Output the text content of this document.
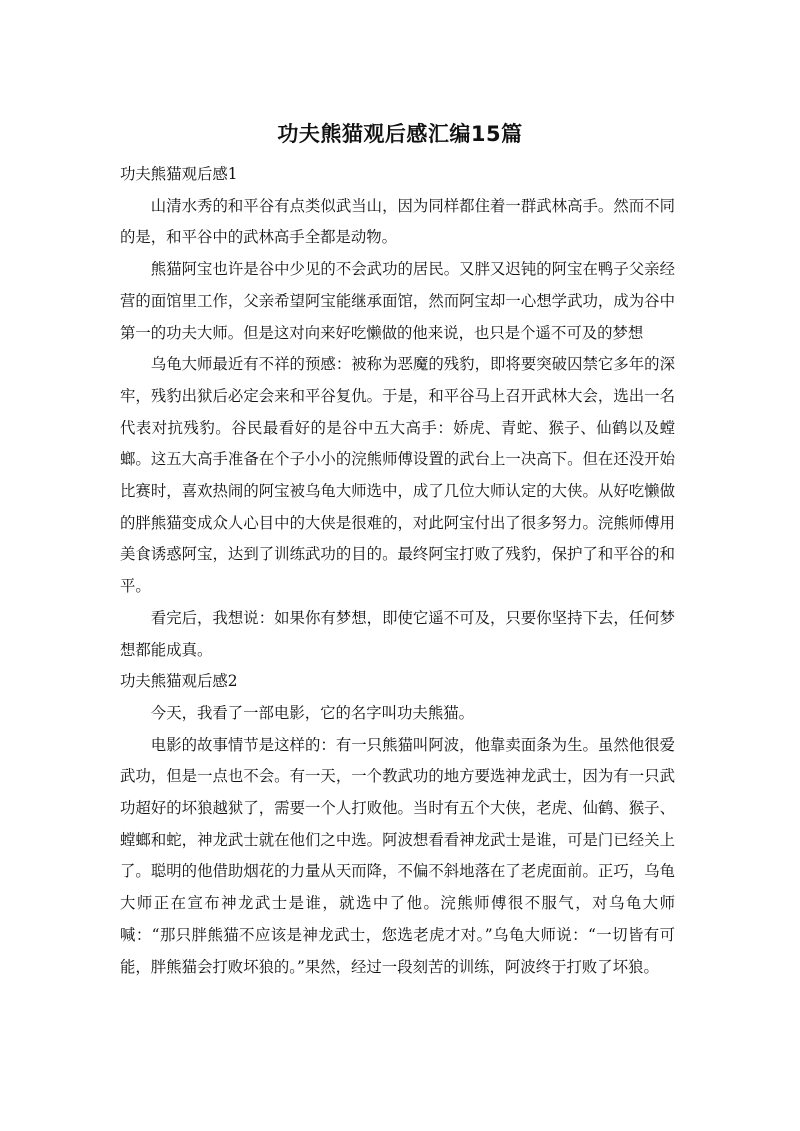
功夫熊猫观后感汇编15篇

功夫熊猫观后感1

山清水秀的和平谷有点类似武当山，因为同样都住着一群武林高手。然而不同的是，和平谷中的武林高手全都是动物。

熊猫阿宝也许是谷中少见的不会武功的居民。又胖又迟钝的阿宝在鸭子父亲经营的面馆里工作，父亲希望阿宝能继承面馆，然而阿宝却一心想学武功，成为谷中第一的功夫大师。但是这对向来好吃懒做的他来说，也只是个遥不可及的梦想

乌龟大师最近有不祥的预感：被称为恶魔的残豹，即将要突破囚禁它多年的深牢，残豹出狱后必定会来和平谷复仇。于是，和平谷马上召开武林大会，选出一名代表对抗残豹。谷民最看好的是谷中五大高手：娇虎、青蛇、猴子、仙鹤以及螳螂。这五大高手准备在个子小小的浣熊师傅设置的武台上一决高下。但在还没开始比赛时，喜欢热闹的阿宝被乌龟大师选中，成了几位大师认定的大侠。从好吃懒做的胖熊猫变成众人心目中的大侠是很难的，对此阿宝付出了很多努力。浣熊师傅用美食诱惑阿宝，达到了训练武功的目的。最终阿宝打败了残豹，保护了和平谷的和平。

看完后，我想说：如果你有梦想，即使它遥不可及，只要你坚持下去，任何梦想都能成真。

功夫熊猫观后感2

今天，我看了一部电影，它的名字叫功夫熊猫。

电影的故事情节是这样的：有一只熊猫叫阿波，他靠卖面条为生。虽然他很爱武功，但是一点也不会。有一天，一个教武功的地方要选神龙武士，因为有一只武功超好的坏狼越狱了，需要一个人打败他。当时有五个大侠，老虎、仙鹤、猴子、螳螂和蛇，神龙武士就在他们之中选。阿波想看看神龙武士是谁，可是门已经关上了。聪明的他借助烟花的力量从天而降，不偏不斜地落在了老虎面前。正巧，乌龟大师正在宣布神龙武士是谁，就选中了他。浣熊师傅很不服气，对乌龟大师喊：“那只胖熊猫不应该是神龙武士，您选老虎才对。”乌龟大师说：“一切皆有可能，胖熊猫会打败坏狼的。”果然，经过一段刻苦的训练，阿波终于打败了坏狼。
